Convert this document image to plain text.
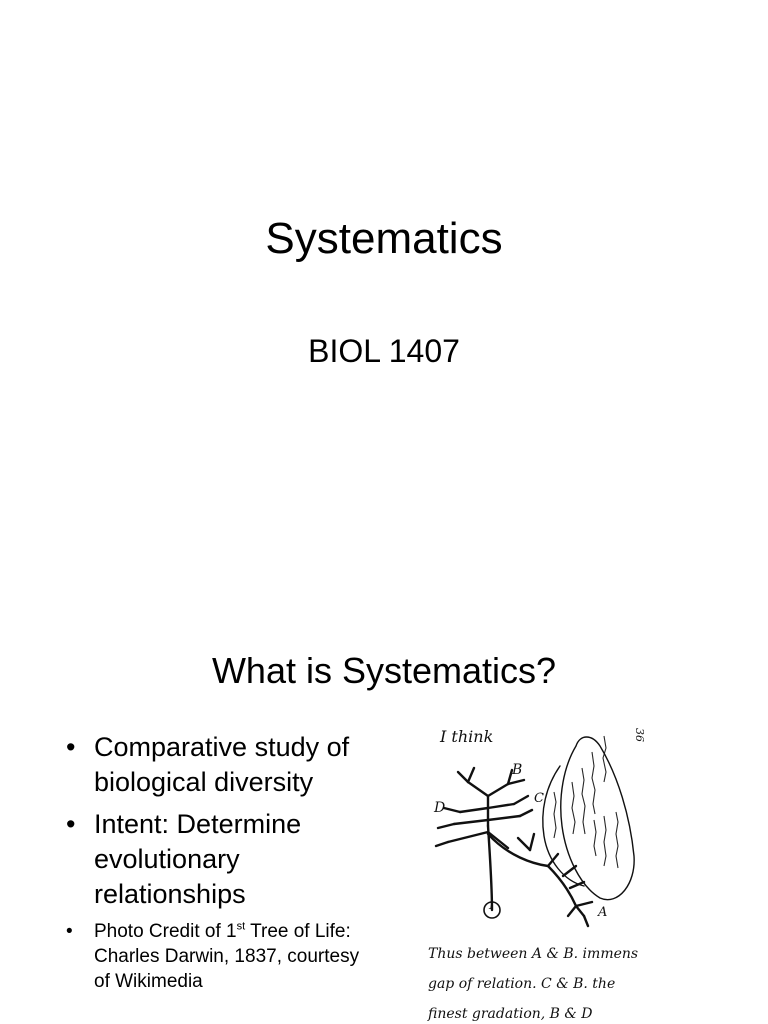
Systematics
BIOL 1407
What is Systematics?
• Comparative study of biological diversity
• Intent: Determine evolutionary relationships
• Photo Credit of 1st Tree of Life: Charles Darwin, 1837, courtesy of Wikimedia
I think	36
1
B
C
D
A
Thus between A & B. immens
gap of relation. C & B. the
finest gradation, B & D
